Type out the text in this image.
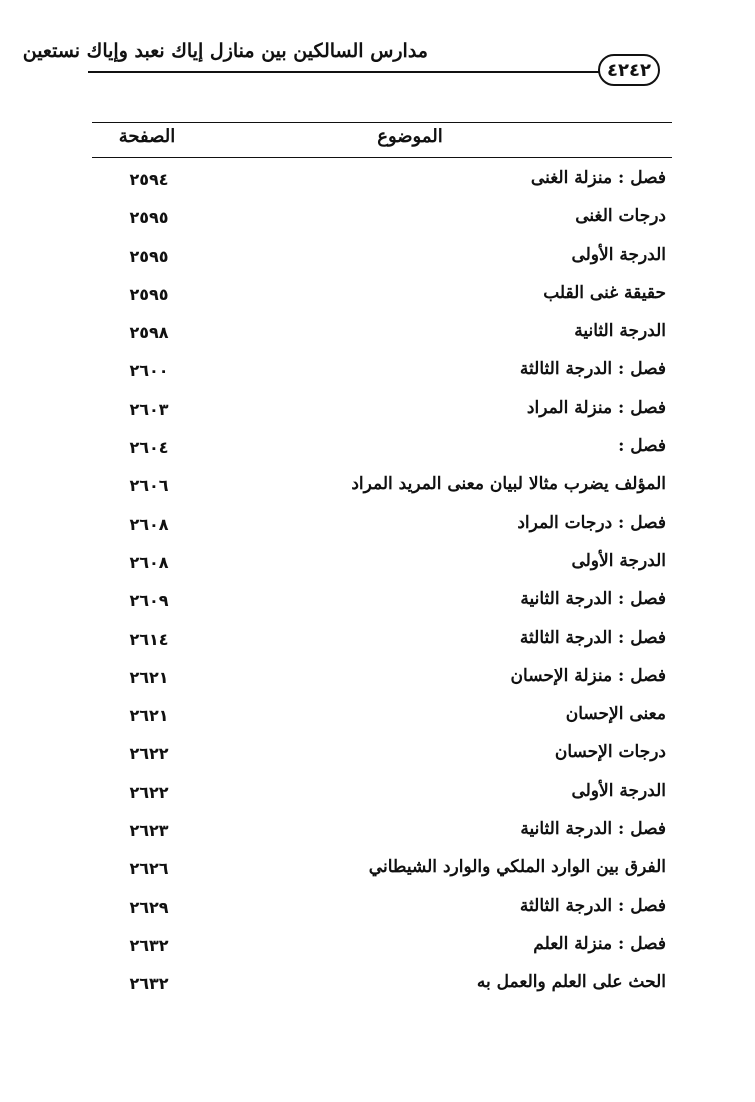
مدارس السالكين بين منازل إياك نعبد وإياك نستعين
٤٢٤٢
الموضوع
الصفحة
فصل : منزلة الغنى
٢٥٩٤
درجات الغنى
٢٥٩٥
الدرجة الأولى
٢٥٩٥
حقيقة غنى القلب
٢٥٩٥
الدرجة الثانية
٢٥٩٨
فصل : الدرجة الثالثة
٢٦٠٠
فصل : منزلة المراد
٢٦٠٣
فصل :
٢٦٠٤
المؤلف يضرب مثالا لبيان معنى المريد المراد
٢٦٠٦
فصل : درجات المراد
٢٦٠٨
الدرجة الأولى
٢٦٠٨
فصل : الدرجة الثانية
٢٦٠٩
فصل : الدرجة الثالثة
٢٦١٤
فصل : منزلة الإحسان
٢٦٢١
معنى الإحسان
٢٦٢١
درجات الإحسان
٢٦٢٢
الدرجة الأولى
٢٦٢٢
فصل : الدرجة الثانية
٢٦٢٣
الفرق بين الوارد الملكي والوارد الشيطاني
٢٦٢٦
فصل : الدرجة الثالثة
٢٦٢٩
فصل : منزلة العلم
٢٦٣٢
الحث على العلم والعمل به
٢٦٣٢
